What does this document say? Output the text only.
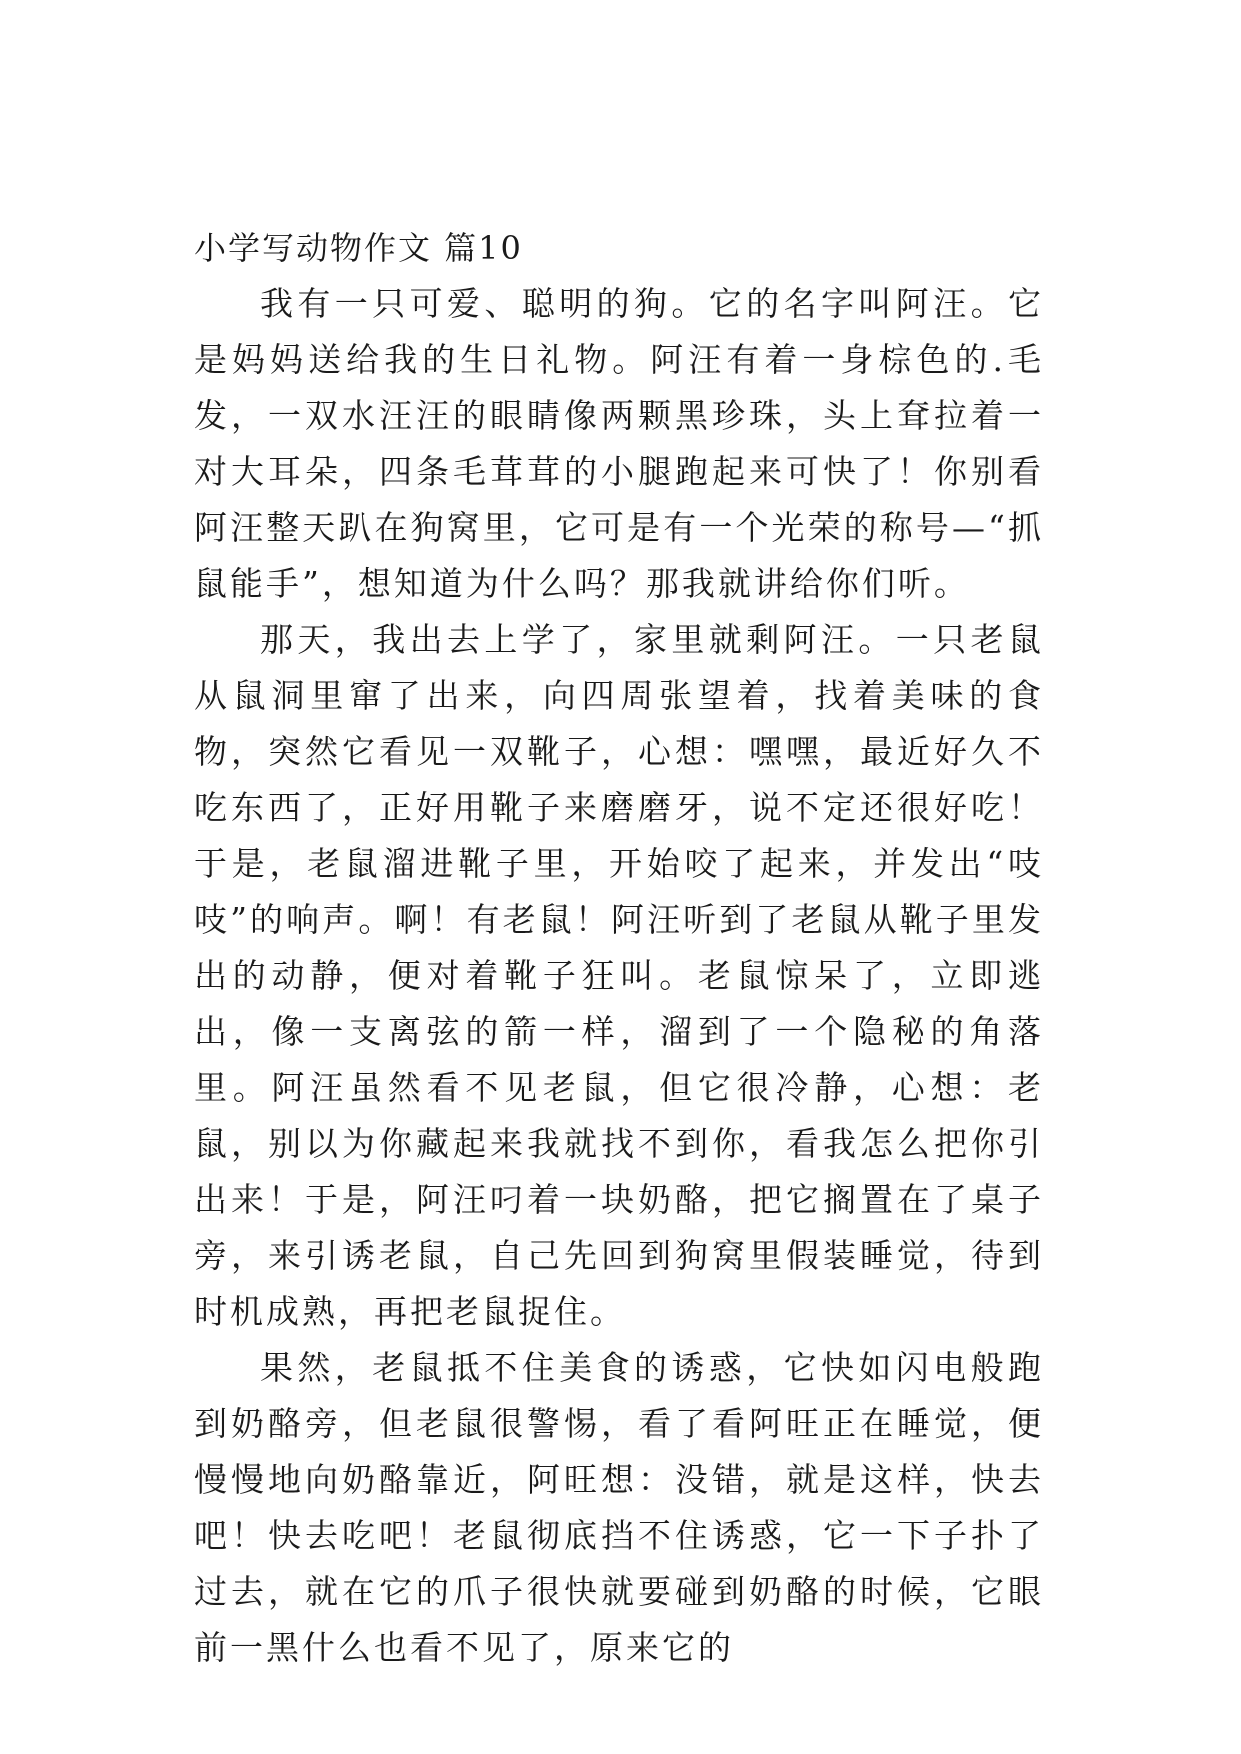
小学写动物作文 篇10

我有一只可爱、聪明的狗。它的名字叫阿汪。它是妈妈送给我的生日礼物。阿汪有着一身棕色的.毛发，一双水汪汪的眼睛像两颗黑珍珠，头上耷拉着一对大耳朵，四条毛茸茸的小腿跑起来可快了！你别看阿汪整天趴在狗窝里，它可是有一个光荣的称号—“抓鼠能手”，想知道为什么吗？那我就讲给你们听。

那天，我出去上学了，家里就剩阿汪。一只老鼠从鼠洞里窜了出来，向四周张望着，找着美味的食物，突然它看见一双靴子，心想：嘿嘿，最近好久不吃东西了，正好用靴子来磨磨牙，说不定还很好吃！于是，老鼠溜进靴子里，开始咬了起来，并发出“吱吱”的响声。啊！有老鼠！阿汪听到了老鼠从靴子里发出的动静，便对着靴子狂叫。老鼠惊呆了，立即逃出，像一支离弦的箭一样，溜到了一个隐秘的角落里。阿汪虽然看不见老鼠，但它很冷静，心想：老鼠，别以为你藏起来我就找不到你，看我怎么把你引出来！于是，阿汪叼着一块奶酪，把它搁置在了桌子旁，来引诱老鼠，自己先回到狗窝里假装睡觉，待到时机成熟，再把老鼠捉住。

果然，老鼠抵不住美食的诱惑，它快如闪电般跑到奶酪旁，但老鼠很警惕，看了看阿旺正在睡觉，便慢慢地向奶酪靠近，阿旺想：没错，就是这样，快去吧！快去吃吧！老鼠彻底挡不住诱惑，它一下子扑了过去，就在它的爪子很快就要碰到奶酪的时候，它眼前一黑什么也看不见了，原来它的
